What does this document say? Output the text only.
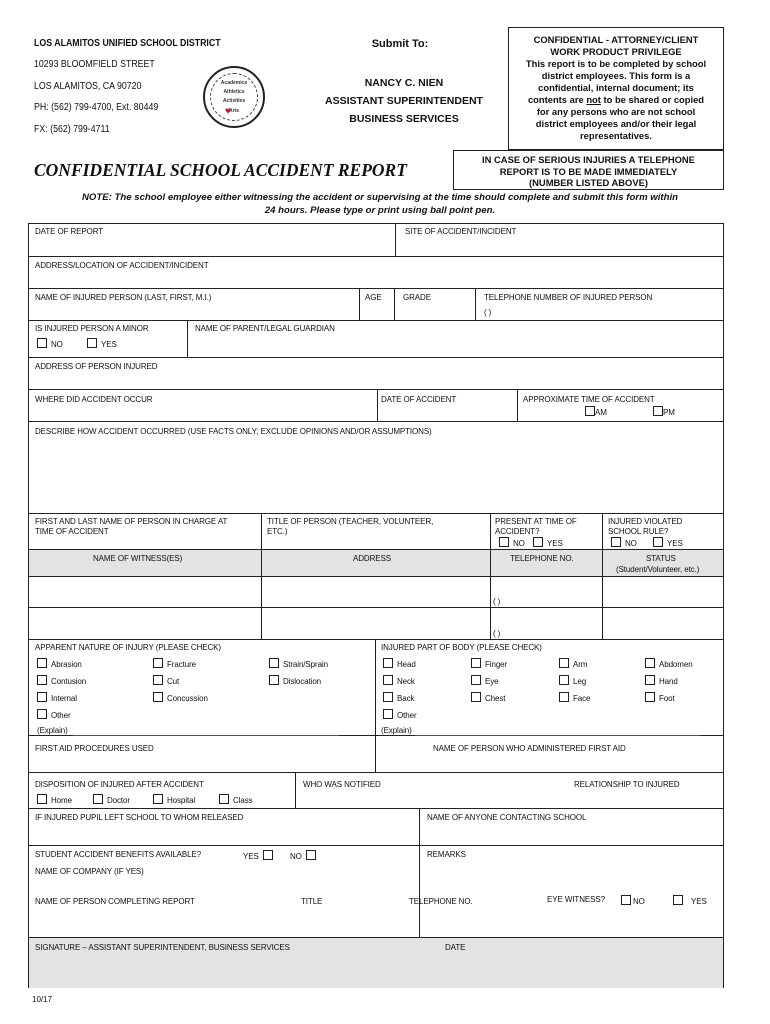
LOS ALAMITOS UNIFIED SCHOOL DISTRICT
10293 BLOOMFIELD STREET
LOS ALAMITOS, CA 90720
PH: (562) 799-4700, Ext. 80449
FX: (562) 799-4711
Academics
Athletics
Activities
Arts
♥
Submit To:
NANCY C. NIEN
ASSISTANT SUPERINTENDENT
BUSINESS SERVICES
CONFIDENTIAL - ATTORNEY/CLIENT
WORK PRODUCT PRIVILEGE
This report is to be completed by school
district employees. This form is a
confidential, internal document; its
contents are not to be shared or copied
for any persons who are not school
district employees and/or their legal
representatives.
IN CASE OF SERIOUS INJURIES A TELEPHONE
REPORT IS TO BE MADE IMMEDIATELY
(NUMBER LISTED ABOVE)
CONFIDENTIAL SCHOOL ACCIDENT REPORT
NOTE: The school employee either witnessing the accident or supervising at the time should complete and submit this form within
24 hours. Please type or print using ball point pen.
DATE OF REPORT	SITE OF ACCIDENT/INCIDENT
ADDRESS/LOCATION OF ACCIDENT/INCIDENT
NAME OF INJURED PERSON (LAST, FIRST, M.I.)	AGE	GRADE	TELEPHONE NUMBER OF INJURED PERSON
( )
IS INJURED PERSON A MINOR
NO	YES
NAME OF PARENT/LEGAL GUARDIAN
ADDRESS OF PERSON INJURED
WHERE DID ACCIDENT OCCUR	DATE OF ACCIDENT	APPROXIMATE TIME OF ACCIDENT
AM	PM
DESCRIBE HOW ACCIDENT OCCURRED (USE FACTS ONLY; EXCLUDE OPINIONS AND/OR ASSUMPTIONS)
FIRST AND LAST NAME OF PERSON IN CHARGE AT
TIME OF ACCIDENT
TITLE OF PERSON (TEACHER, VOLUNTEER,
ETC.)
PRESENT AT TIME OF
ACCIDENT?
NO	YES
INJURED VIOLATED
SCHOOL RULE?
NO	YES
NAME OF WITNESS(ES)	ADDRESS	TELEPHONE NO.	STATUS
(Student/Volunteer, etc.)
( )
( )
APPARENT NATURE OF INJURY (PLEASE CHECK)	INJURED PART OF BODY (PLEASE CHECK)
Abrasion	Fracture	Strain/Sprain
Contusion	Cut	Dislocation
Internal	Concussion
Other
(Explain)
Head	Finger	Arm	Abdomen
Neck	Eye	Leg	Hand
Back	Chest	Face	Foot
Other
(Explain)
FIRST AID PROCEDURES USED	NAME OF PERSON WHO ADMINISTERED FIRST AID
DISPOSITION OF INJURED AFTER ACCIDENT
Home	Doctor	Hospital	Class
WHO WAS NOTIFIED	RELATIONSHIP TO INJURED
IF INJURED PUPIL LEFT SCHOOL TO WHOM RELEASED	NAME OF ANYONE CONTACTING SCHOOL
STUDENT ACCIDENT BENEFITS AVAILABLE?	YES	NO	REMARKS
NAME OF COMPANY (IF YES)
NAME OF PERSON COMPLETING REPORT	TITLE	TELEPHONE NO.	EYE WITNESS?	NO	YES
SIGNATURE – ASSISTANT SUPERINTENDENT, BUSINESS SERVICES	DATE
10/17
